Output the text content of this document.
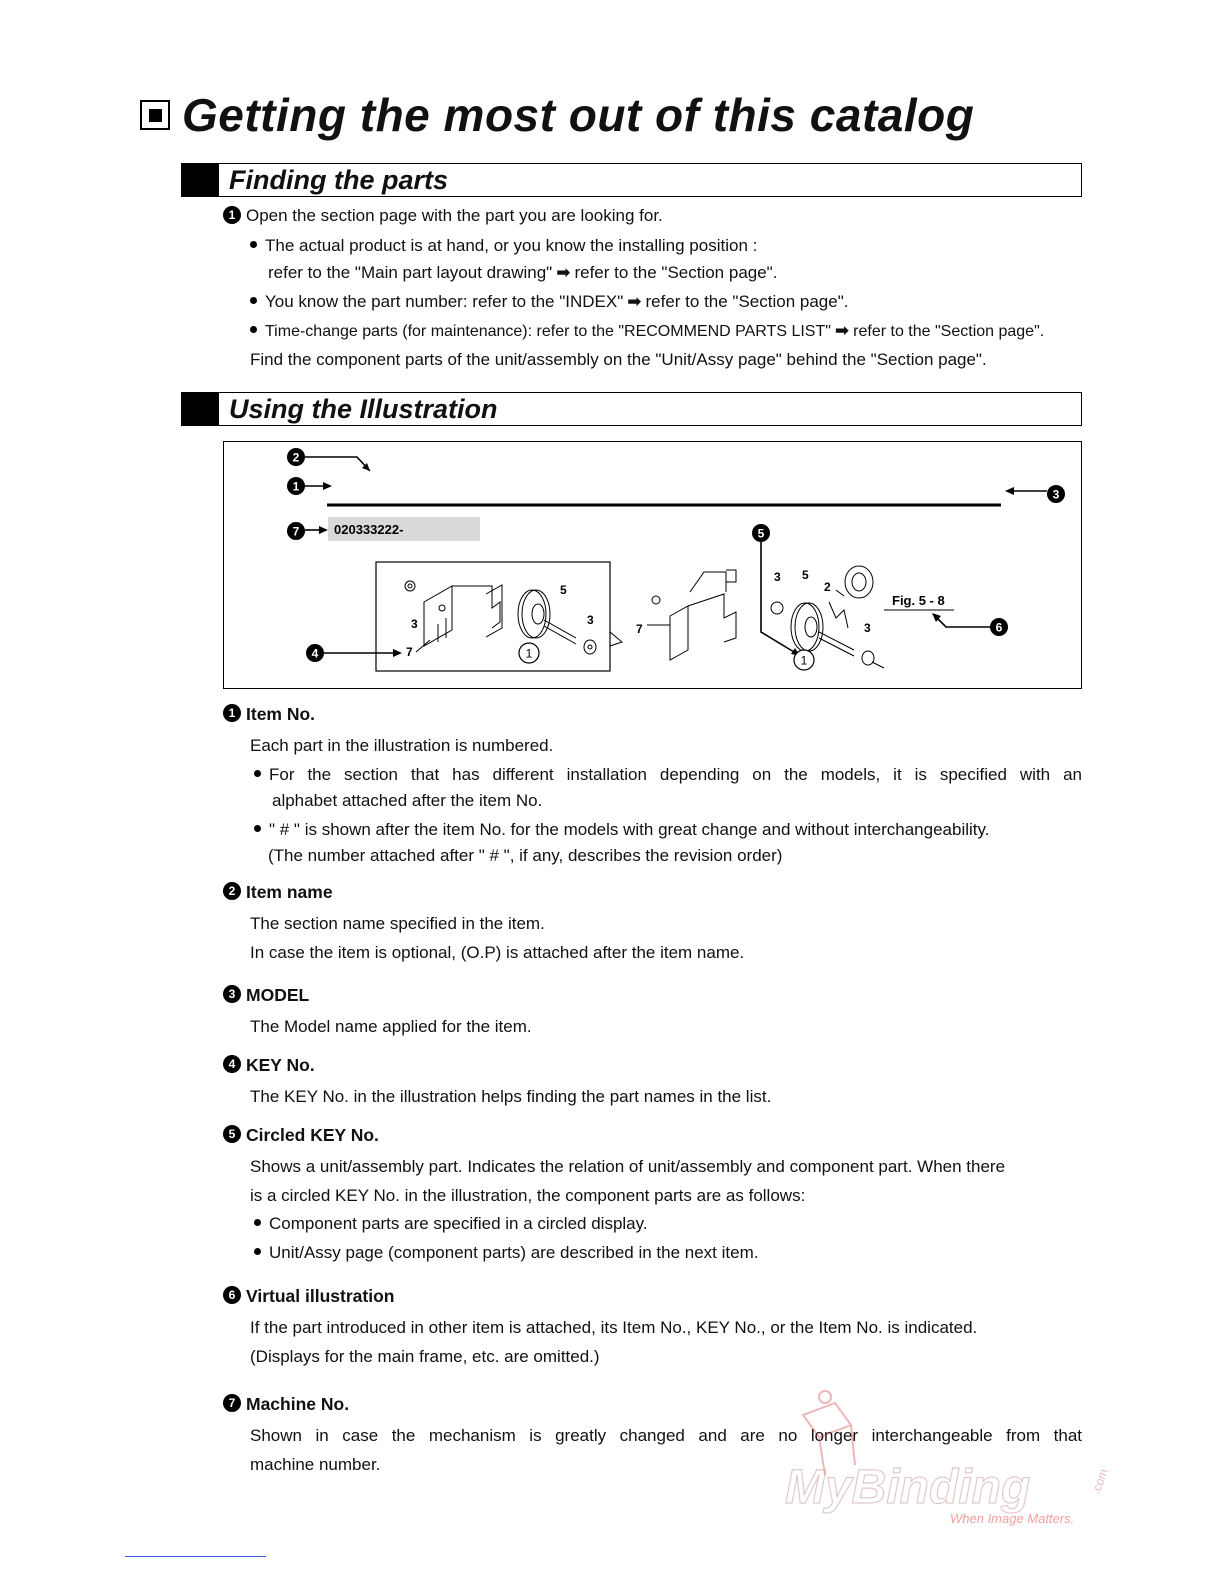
Getting the most out of this catalog
Finding the parts
1 Open the section page with the part you are looking for.
The actual product is at hand, or you know the installing position :
refer to the "Main part layout drawing" ➡ refer to the "Section page".
You know the part number: refer to the "INDEX" ➡ refer to the "Section page".
Time-change parts (for maintenance): refer to the "RECOMMEND PARTS LIST" ➡ refer to the "Section page".
Find the component parts of the unit/assembly on the "Unit/Assy page" behind the "Section page".
Using the Illustration
2
1
3
7	020333222-	5
3
7
5
3
1
4
7
3 5
2
3
1
Fig. 5 - 8
6
1 Item No.
Each part in the illustration is numbered.
For the section that has different installation depending on the models, it is specified with an
alphabet attached after the item No.
" # " is shown after the item No. for the models with great change and without interchangeability.
(The number attached after " # ", if any, describes the revision order)
2 Item name
The section name specified in the item.
In case the item is optional, (O.P) is attached after the item name.
3 MODEL
The Model name applied for the item.
4 KEY No.
The KEY No. in the illustration helps finding the part names in the list.
5 Circled KEY No.
Shows a unit/assembly part. Indicates the relation of unit/assembly and component part. When there
is a circled KEY No. in the illustration, the component parts are as follows:
Component parts are specified in a circled display.
Unit/Assy page (component parts) are described in the next item.
6 Virtual illustration
If the part introduced in other item is attached, its Item No., KEY No., or the Item No. is indicated.
(Displays for the main frame, etc. are omitted.)
7 Machine No.
Shown in case the mechanism is greatly changed and are no longer interchangeable from that
machine number.	MyBinding	.com
When Image Matters.
